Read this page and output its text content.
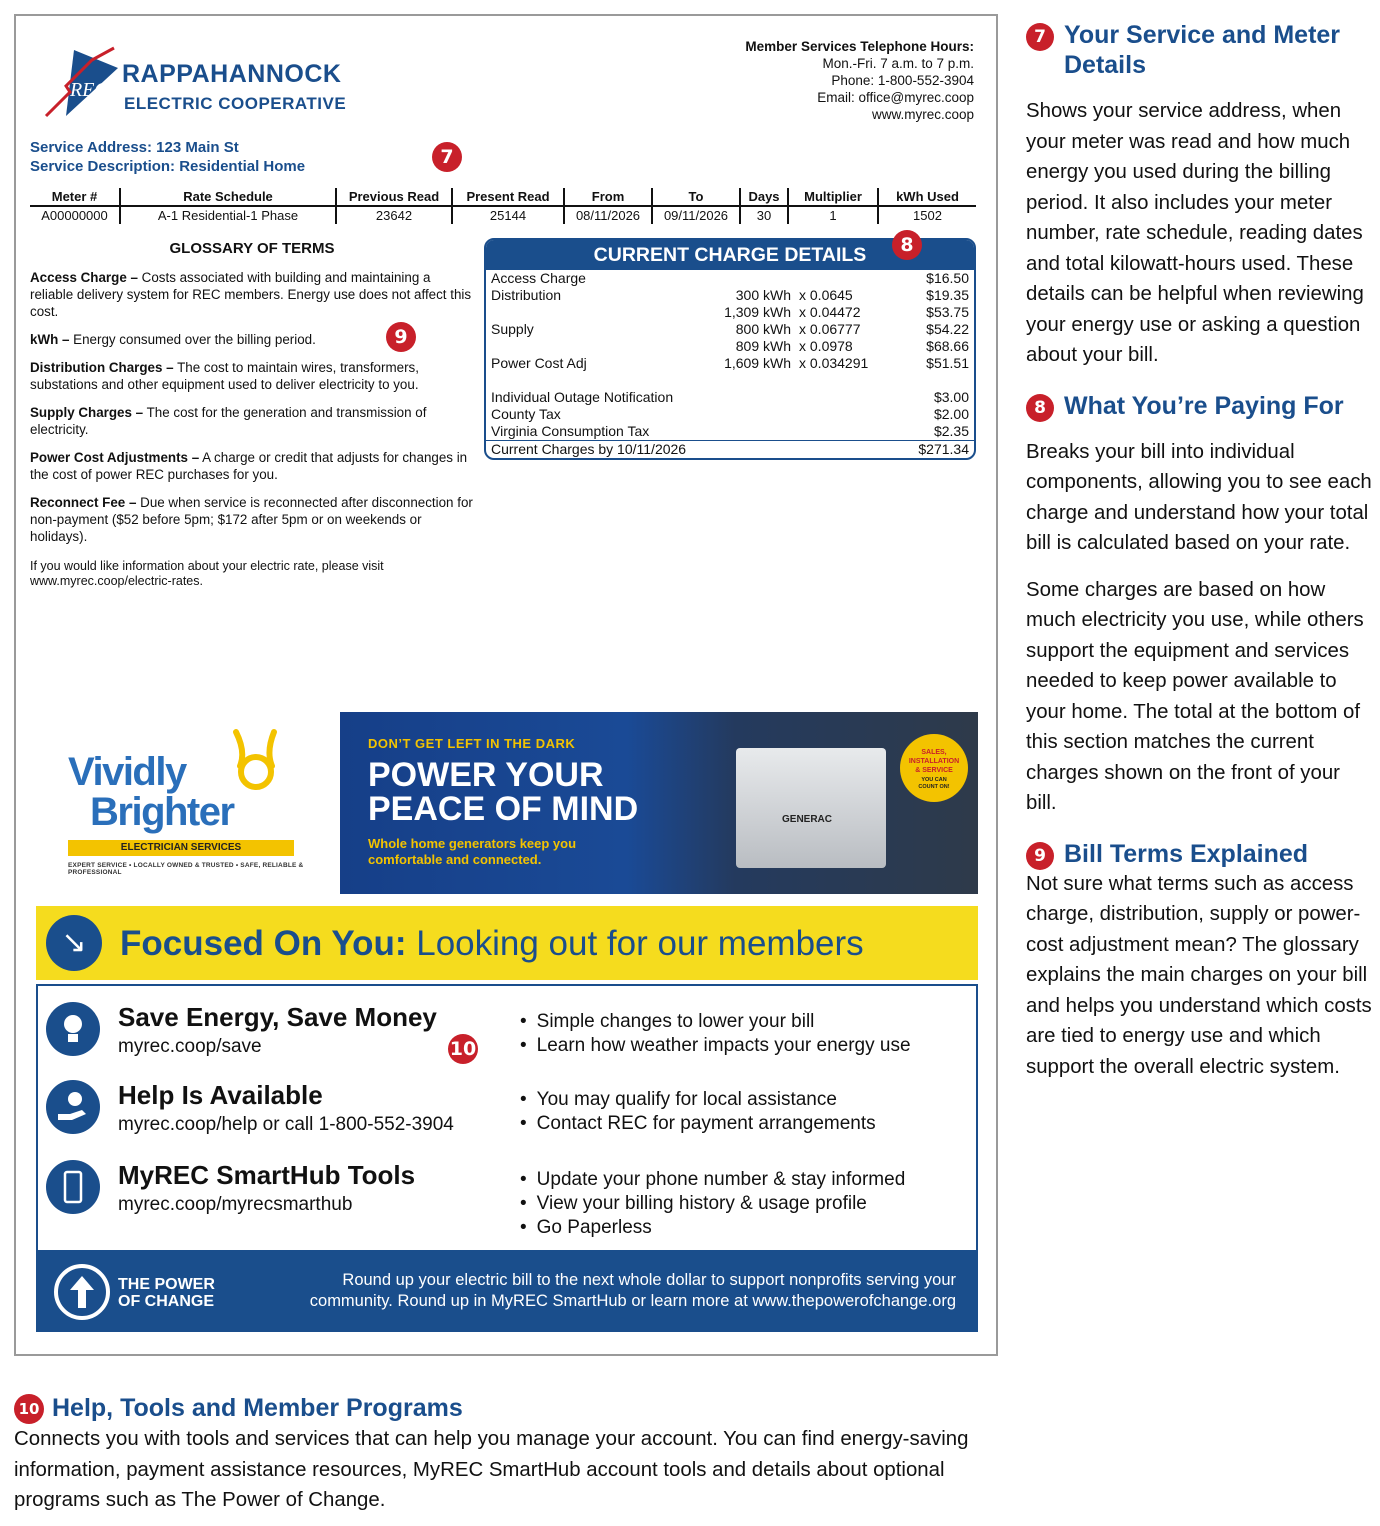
REC
RAPPAHANNOCK
ELECTRIC COOPERATIVE
Member Services Telephone Hours:
Mon.-Fri. 7 a.m. to 7 p.m.
Phone: 1-800-552-3904
Email: office@myrec.coop
www.myrec.coop
Service Address: 123 Main St
Service Description: Residential Home	7
Meter #	Rate Schedule	Previous Read	Present Read	From	To	Days	Multiplier	kWh Used
A00000000	A-1 Residential-1 Phase	23642	25144	08/11/2026	09/11/2026	30	1	1502
GLOSSARY OF TERMS
Access Charge – Costs associated with building and maintaining a reliable delivery system for REC members. Energy use does not affect this cost.
kWh – Energy consumed over the billing period.
Distribution Charges – The cost to maintain wires, transformers, substations and other equipment used to deliver electricity to you.
Supply Charges – The cost for the generation and transmission of electricity.
Power Cost Adjustments – A charge or credit that adjusts for changes in the cost of power REC purchases for you.
Reconnect Fee – Due when service is reconnected after disconnection for non-payment ($52 before 5pm; $172 after 5pm or on weekends or holidays).
If you would like information about your electric rate, please visit www.myrec.coop/electric-rates.
9
CURRENT CHARGE DETAILS
Access Charge	$16.50
Distribution	300 kWh x 0.0645	$19.35
1,309 kWh x 0.04472	$53.75
Supply	800 kWh x 0.06777	$54.22
809 kWh x 0.0978	$68.66
Power Cost Adj	1,609 kWh x 0.034291	$51.51
Individual Outage Notification	$3.00
County Tax	$2.00
Virginia Consumption Tax	$2.35
Current Charges by 10/11/2026	$271.34
8
Vividly
Brighter
ELECTRICIAN SERVICES
EXPERT SERVICE • LOCALLY OWNED & TRUSTED • SAFE, RELIABLE & PROFESSIONAL
DON’T GET LEFT IN THE DARK
POWER YOUR
PEACE OF MIND
Whole home generators keep you
comfortable and connected.
GENERAC
SALES,
INSTALLATION
& SERVICE
YOU CAN
COUNT ON!
↘ Focused On You: Looking out for our members
Save Energy, Save Money
myrec.coop/save
• Simple changes to lower your bill
• Learn how weather impacts your energy use
10
Help Is Available
myrec.coop/help or call 1-800-552-3904
• You may qualify for local assistance
• Contact REC for payment arrangements
MyREC SmartHub Tools
myrec.coop/myrecsmarthub
• Update your phone number & stay informed
• View your billing history & usage profile
• Go Paperless
THE POWER
OF CHANGE
Round up your electric bill to the next whole dollar to support nonprofits serving your
community. Round up in MyREC SmartHub or learn more at www.thepowerofchange.org
7 Your Service and Meter
Details

Shows your service address, when your meter was read and how much energy you used during the billing period. It also includes your meter number, rate schedule, reading dates and total kilowatt-hours used. These details can be helpful when reviewing your energy use or asking a question about your bill.

8 What You’re Paying For

Breaks your bill into individual components, allowing you to see each charge and understand how your total bill is calculated based on your rate.

Some charges are based on how much electricity you use, while others support the equipment and services needed to keep power available to your home. The total at the bottom of this section matches the current charges shown on the front of your bill.

9 Bill Terms Explained

Not sure what terms such as access charge, distribution, supply or power-cost adjustment mean? The glossary explains the main charges on your bill and helps you understand which costs are tied to energy use and which support the overall electric system.

10 Help, Tools and Member Programs

Connects you with tools and services that can help you manage your account. You can find energy-saving information, payment assistance resources, MyREC SmartHub account tools and details about optional programs such as The Power of Change.
